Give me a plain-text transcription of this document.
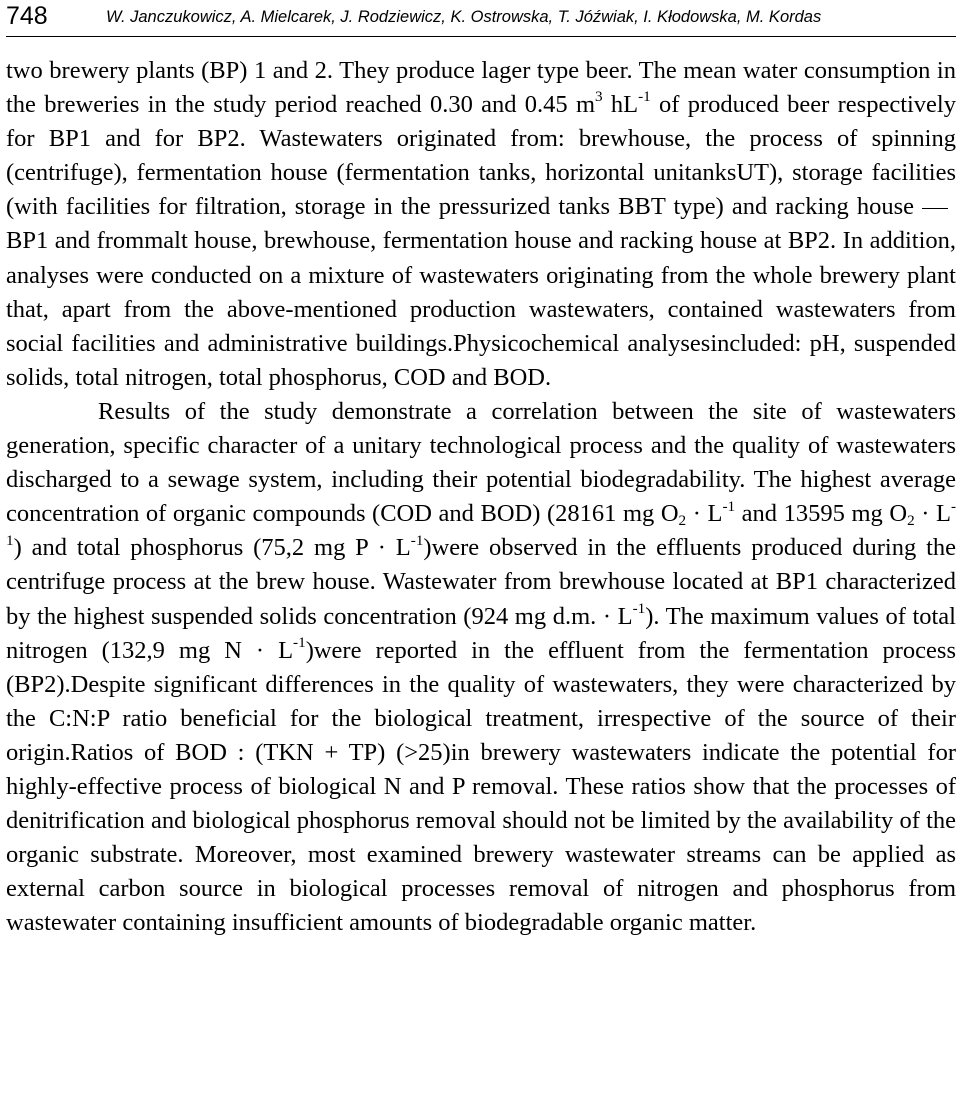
748	W. Janczukowicz, A. Mielcarek, J. Rodziewicz, K. Ostrowska, T. Jóźwiak, I. Kłodowska, M. Kordas

two brewery plants (BP) 1 and 2. They produce lager type beer. The mean water consumption in the breweries in the study period reached 0.30 and 0.45 $m^3$ $hL^{-1}$ of produced beer respectively for BP1 and for BP2. Wastewaters originated from: brewhouse, the process of spinning (centrifuge), fermentation house (fermentation tanks, horizontal unitanksUT), storage facilities (with facilities for filtration, storage in the pressurized tanks BBT type) and racking houseBP1 and frommalt house, brewhouse, fermentation house and racking house at BP2. In addition, analyses were conducted on a mixture of wastewaters originating from the whole brewery plant that, apart from the above-mentioned production wastewaters, contained wastewaters from social facilities and administrative buildings.Physicochemical analysesincluded: pH, suspended solids, total nitrogen, total phosphorus, COD and BOD.

Results of the study demonstrate a correlation between the site of wastewaters generation, specific character of a unitary technological process and the quality of wastewaters discharged to a sewage system, including their potential biodegradability. The highest average concentration of organic compounds (COD and BOD) (28161 mg $O_2 \cdot L^{-1}$ and 13595 mg $O_2 \cdot L^{-1}$) and total phosphorus (75,2 mg $P \cdot L^{-1})were$ observed in the effluents produced during the centrifuge process at the brew house. Wastewater from brewhouse located at BP1 characterized by the highest suspended solids concentration (924 mg d.m. · $L^{-1}$). The maximum values of total nitrogen (132,9 mg $N \cdot L^{-1})were$ reported in the effluent from the fermentation process (BP2).Despite significant differences in the quality of wastewaters, they were characterized by the C:N:P ratio beneficial for the biological treatment, irrespective of the source of their origin.Ratios of BOD : (TKN + TP) (>25)in brewery wastewaters indicate the potential for highly-effective process of biological N and P removal. These ratios show that the processes of denitrification and biological phosphorus removal should not be limited by the availability of the organic substrate. Moreover, most examined brewery wastewater streams can be applied as external carbon source in biological processes removal of nitrogen and phosphorus from wastewater containing insufficient amounts of biodegradable organic matter.
